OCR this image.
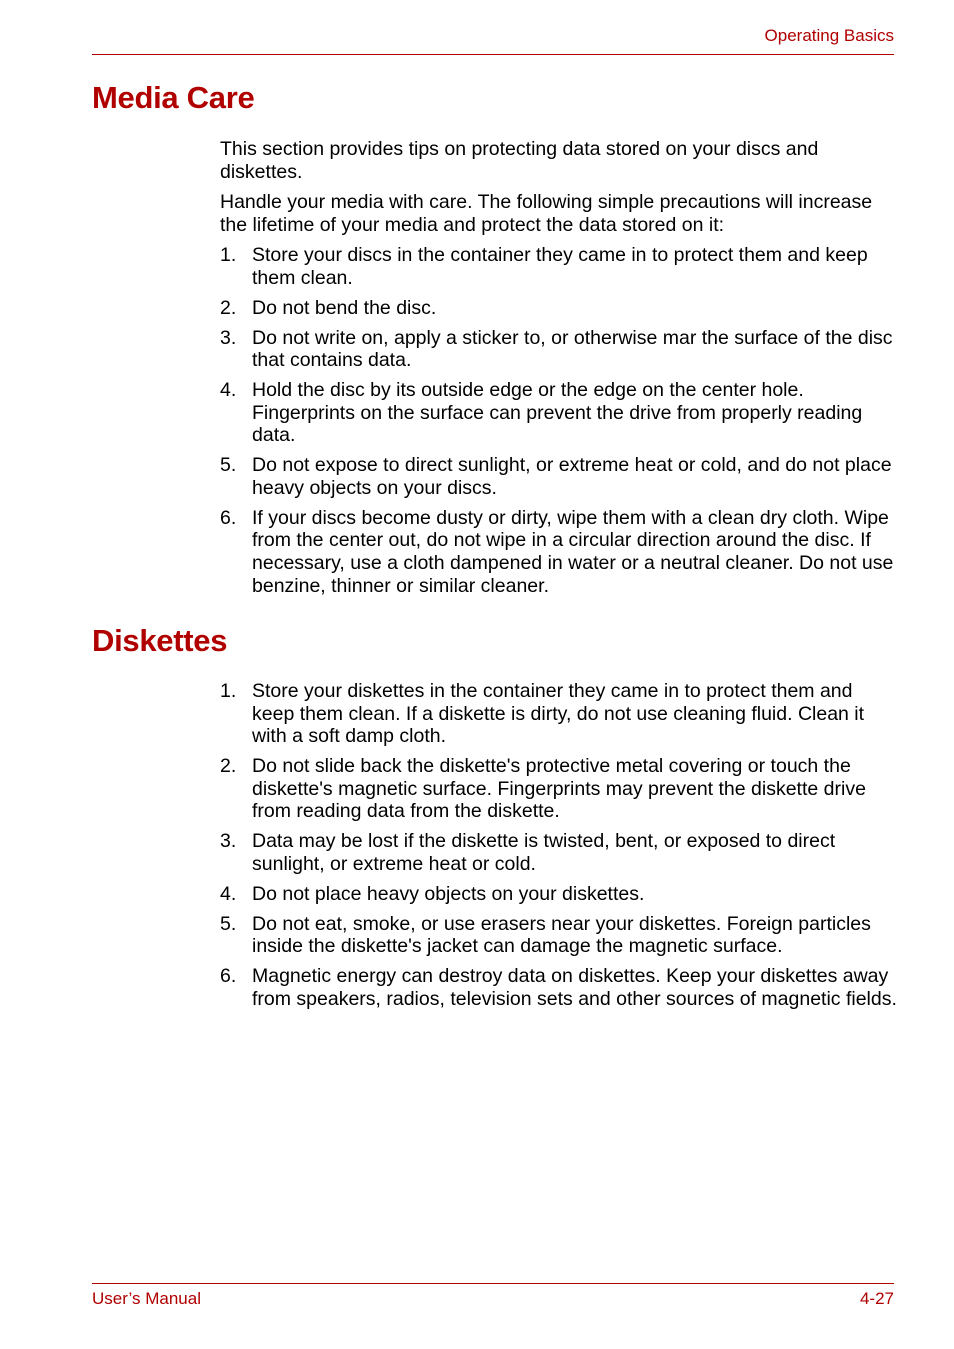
Operating Basics
Media Care

This section provides tips on protecting data stored on your discs and diskettes.

Handle your media with care. The following simple precautions will increase the lifetime of your media and protect the data stored on it:

1. Store your discs in the container they came in to protect them and keep them clean.
2. Do not bend the disc.
3. Do not write on, apply a sticker to, or otherwise mar the surface of the disc that contains data.
4. Hold the disc by its outside edge or the edge on the center hole. Fingerprints on the surface can prevent the drive from properly reading data.
5. Do not expose to direct sunlight, or extreme heat or cold, and do not place heavy objects on your discs.
6. If your discs become dusty or dirty, wipe them with a clean dry cloth. Wipe from the center out, do not wipe in a circular direction around the disc. If necessary, use a cloth dampened in water or a neutral cleaner. Do not use benzine, thinner or similar cleaner.
Diskettes
1. Store your diskettes in the container they came in to protect them and keep them clean. If a diskette is dirty, do not use cleaning fluid. Clean it with a soft damp cloth.
2. Do not slide back the diskette's protective metal covering or touch the diskette's magnetic surface. Fingerprints may prevent the diskette drive from reading data from the diskette.
3. Data may be lost if the diskette is twisted, bent, or exposed to direct sunlight, or extreme heat or cold.
4. Do not place heavy objects on your diskettes.
5. Do not eat, smoke, or use erasers near your diskettes. Foreign particles inside the diskette's jacket can damage the magnetic surface.
6. Magnetic energy can destroy data on diskettes. Keep your diskettes away from speakers, radios, television sets and other sources of magnetic fields.
User’s Manual	4-27
